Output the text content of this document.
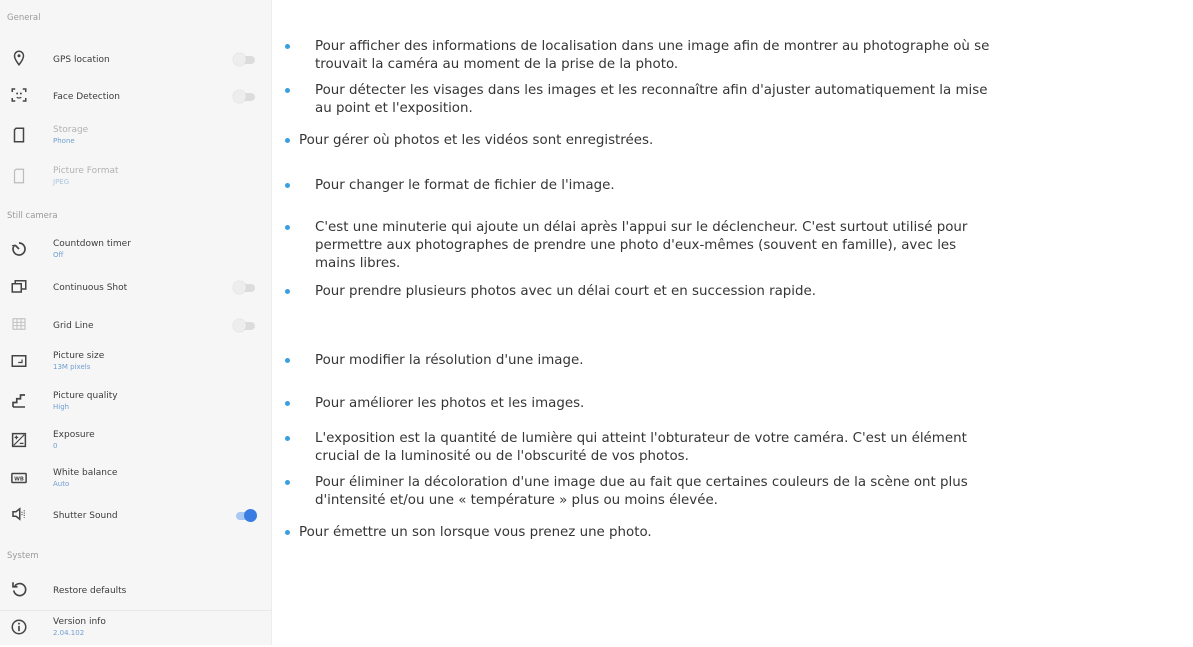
General
GPS location
Face Detection
Storage
Phone
Picture Format
JPEG
Still camera
Countdown timer
Off
Continuous Shot
Grid Line
Picture size
13M pixels
Picture quality
High
Exposure
0
WB
White balance
Auto
Shutter Sound
System
Restore defaults
Version info
2.04.102
Pour afficher des informations de localisation dans une image afin de montrer au photographe où se
trouvait la caméra au moment de la prise de la photo.
Pour détecter les visages dans les images et les reconnaître afin d'ajuster automatiquement la mise
au point et l'exposition.
Pour gérer où photos et les vidéos sont enregistrées.
Pour changer le format de fichier de l'image.
C'est une minuterie qui ajoute un délai après l'appui sur le déclencheur. C'est surtout utilisé pour
permettre aux photographes de prendre une photo d'eux-mêmes (souvent en famille), avec les
mains libres.
Pour prendre plusieurs photos avec un délai court et en succession rapide.
Pour modifier la résolution d'une image.
Pour améliorer les photos et les images.
L'exposition est la quantité de lumière qui atteint l'obturateur de votre caméra. C'est un élément
crucial de la luminosité ou de l'obscurité de vos photos.
Pour éliminer la décoloration d'une image due au fait que certaines couleurs de la scène ont plus
d'intensité et/ou une « température » plus ou moins élevée.
Pour émettre un son lorsque vous prenez une photo.
